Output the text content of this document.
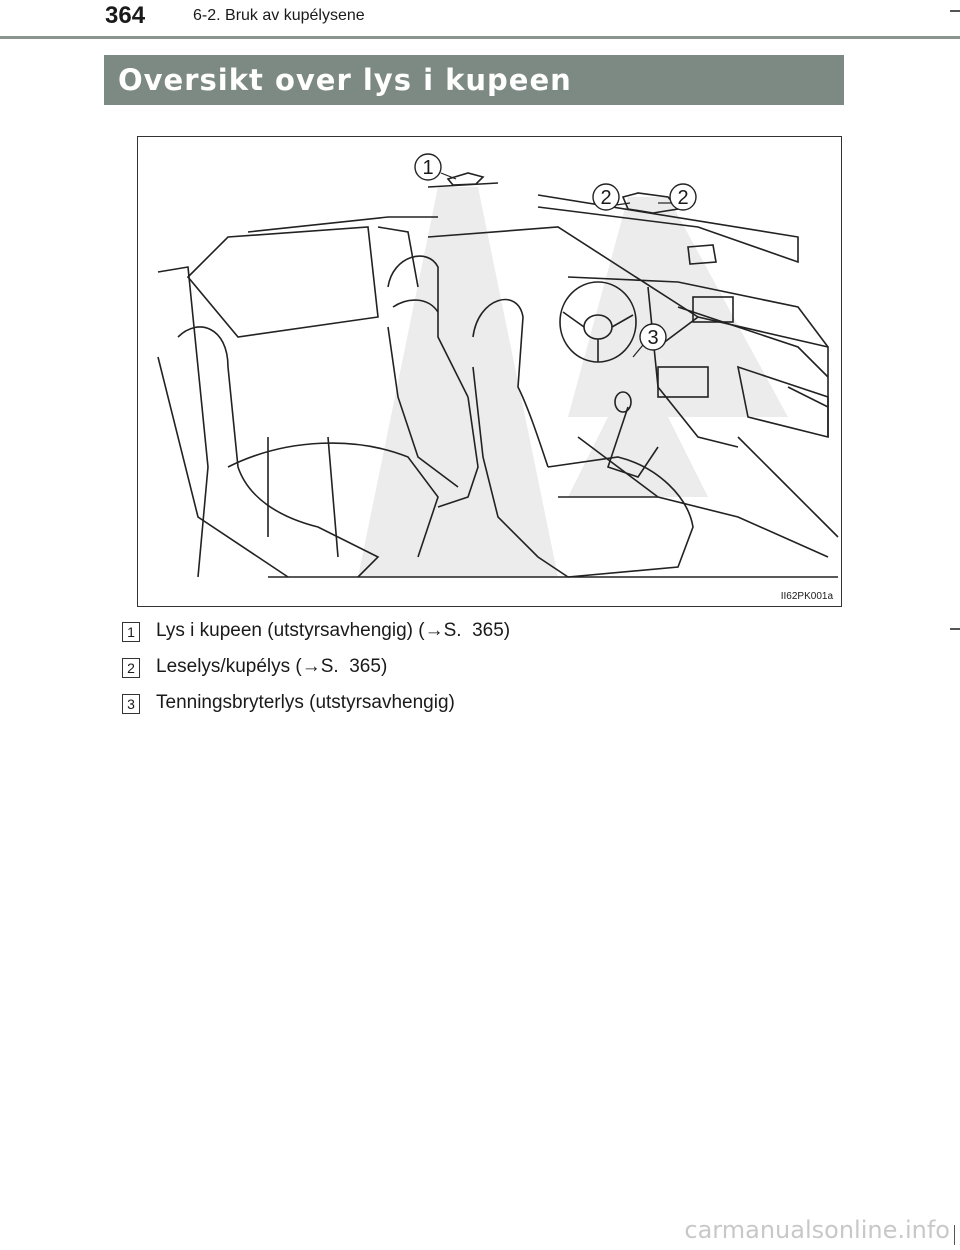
364	6-2. Bruk av kupélysene
Oversikt over lys i kupeen
1
2	2
3
II62PK001a
1 Lys i kupeen (utstyrsavhengig) (→S.  365)
2 Leselys/kupélys (→S.  365)
3 Tenningsbryterlys (utstyrsavhengig)
carmanualsonline.info
